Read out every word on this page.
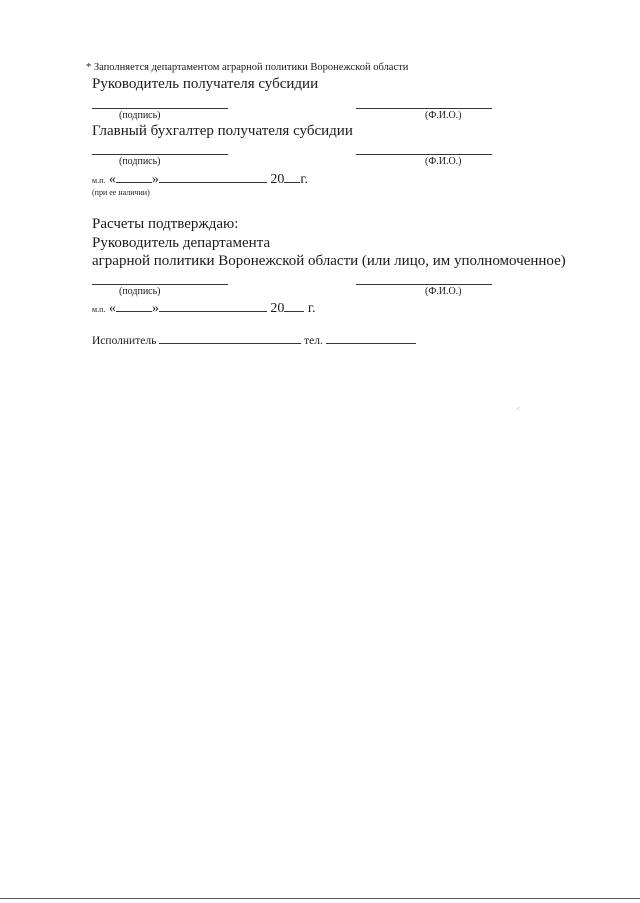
* Заполняется департаментом аграрной политики Воронежской области
Руководитель получателя субсидии
(подпись)	(Ф.И.О.)
Главный бухгалтер получателя субсидии
(подпись)	(Ф.И.О.)
м.п. «	»	20 г.
(при ее наличии)
Расчеты подтверждаю:
Руководитель департамента
аграрной политики Воронежской области (или лицо, им уполномоченное)
(подпись)	(Ф.И.О.)
м.п. «	»	20 г.
Исполнитель	тел.
⁖
